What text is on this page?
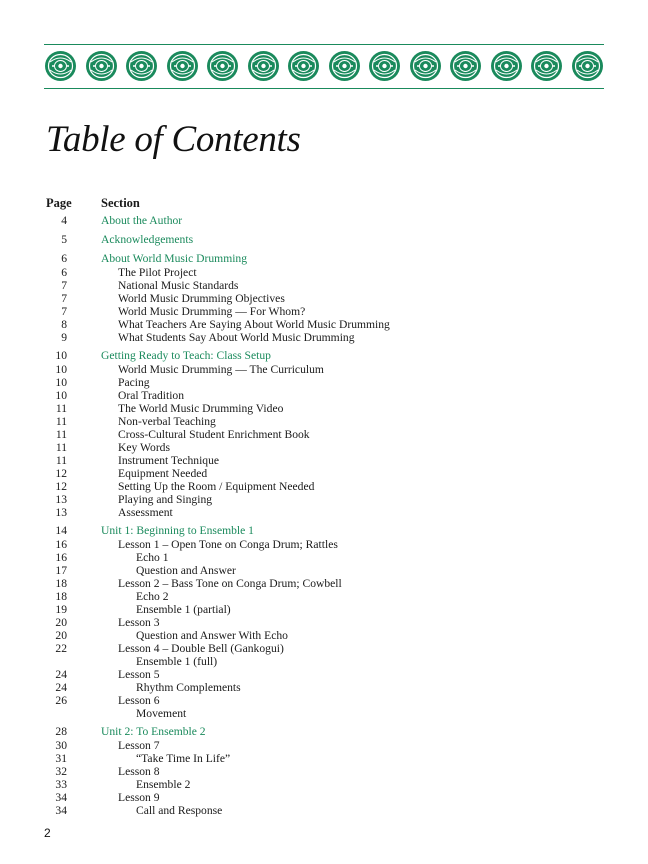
Table of Contents
Page Section
4	About the Author
5	Acknowledgements
6	About World Music Drumming
6	The Pilot Project
7	National Music Standards
7	World Music Drumming Objectives
7	World Music Drumming — For Whom?
8	What Teachers Are Saying About World Music Drumming
9	What Students Say About World Music Drumming
10	Getting Ready to Teach: Class Setup
10	World Music Drumming — The Curriculum
10	Pacing
10	Oral Tradition
11	The World Music Drumming Video
11	Non-verbal Teaching
11	Cross-Cultural Student Enrichment Book
11	Key Words
11	Instrument Technique
12	Equipment Needed
12	Setting Up the Room / Equipment Needed
13	Playing and Singing
13	Assessment
14	Unit 1: Beginning to Ensemble 1
16	Lesson 1 – Open Tone on Conga Drum; Rattles
16	Echo 1
17	Question and Answer
18	Lesson 2 – Bass Tone on Conga Drum; Cowbell
18	Echo 2
19	Ensemble 1 (partial)
20	Lesson 3
20	Question and Answer With Echo
22	Lesson 4 – Double Bell (Gankogui)
Ensemble 1 (full)
24	Lesson 5
24	Rhythm Complements
26	Lesson 6
Movement
28	Unit 2: To Ensemble 2
30	Lesson 7
31	“Take Time In Life”
32	Lesson 8
33	Ensemble 2
34	Lesson 9
34	Call and Response
2
